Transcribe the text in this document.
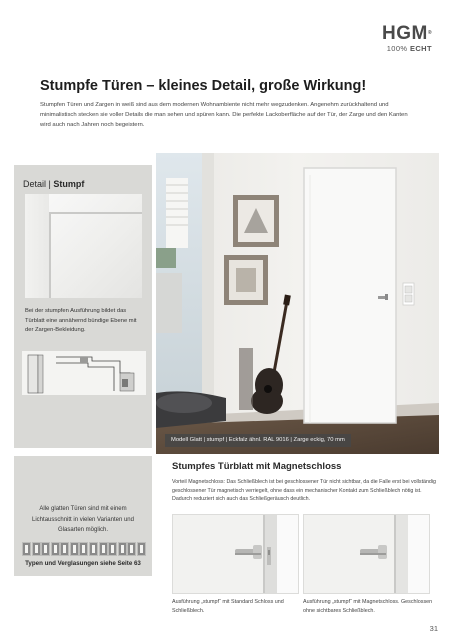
HGM®
100% ECHT
Stumpfe Türen – kleines Detail, große Wirkung!

Stumpfen Türen und Zargen in weiß sind aus dem modernen Wohnambiente nicht mehr wegzudenken. Angenehm zurückhaltend und minimalistisch stecken sie voller Details die man sehen und spüren kann. Die perfekte Lackoberfläche auf der Tür, der Zarge und den Kanten wird auch nach Jahren noch begeistern.

Detail | Stumpf

Bei der stumpfen Ausführung bildet das Türblatt eine annähernd bündige Ebene mit der Zargen-Bekleidung.

Modell Glatt | stumpf | Eckfalz ähnl. RAL 9016 | Zarge eckig, 70 mm

Alle glatten Türen sind mit einem Lichtausschnitt in vielen Varianten und Glasarten möglich.

Typen und Verglasungen siehe Seite 63
Stumpfes Türblatt mit Magnetschloss

Vorteil Magnetschloss: Das Schließblech ist bei geschlossener Tür nicht sichtbar, da die Falle erst bei vollständig geschlossener Tür magnetisch verriegelt, ohne dass ein mechanischer Kontakt zum Schließblech nötig ist. Dadurch reduziert sich auch das Schließgeräusch deutlich.

Ausführung „stumpf“ mit Standard Schloss und Schließblech.

Ausführung „stumpf“ mit Magnetschloss. Geschlossen ohne sichtbares Schließblech.

31
